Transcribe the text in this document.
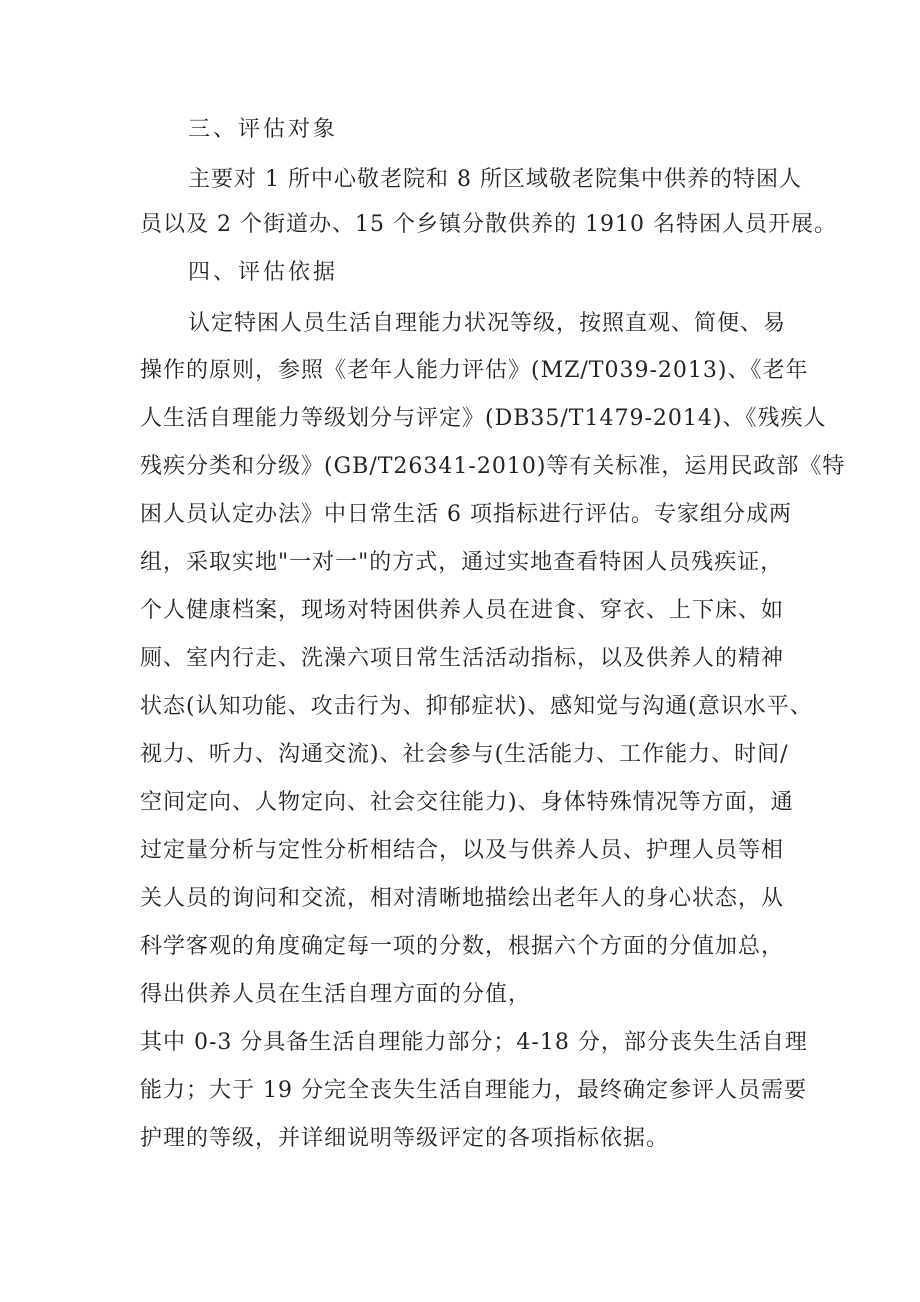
三、评估对象
主要对 1 所中心敬老院和 8 所区域敬老院集中供养的特困人
员以及 2 个街道办、15 个乡镇分散供养的 1910 名特困人员开展。
四、评估依据
认定特困人员生活自理能力状况等级，按照直观、简便、易
操作的原则，参照《老年人能力评估》(MZ/T039-2013)、《老年
人生活自理能力等级划分与评定》(DB35/T1479-2014)、《残疾人
残疾分类和分级》(GB/T26341-2010)等有关标准，运用民政部《特
困人员认定办法》中日常生活 6 项指标进行评估。专家组分成两
组，采取实地"一对一"的方式，通过实地查看特困人员残疾证，
个人健康档案，现场对特困供养人员在进食、穿衣、上下床、如
厕、室内行走、洗澡六项日常生活活动指标，以及供养人的精神
状态(认知功能、攻击行为、抑郁症状)、感知觉与沟通(意识水平、
视力、听力、沟通交流)、社会参与(生活能力、工作能力、时间/
空间定向、人物定向、社会交往能力)、身体特殊情况等方面，通
过定量分析与定性分析相结合，以及与供养人员、护理人员等相
关人员的询问和交流，相对清晰地描绘出老年人的身心状态，从
科学客观的角度确定每一项的分数，根据六个方面的分值加总，
得出供养人员在生活自理方面的分值，
其中 0-3 分具备生活自理能力部分；4-18 分，部分丧失生活自理
能力；大于 19 分完全丧失生活自理能力，最终确定参评人员需要
护理的等级，并详细说明等级评定的各项指标依据。
